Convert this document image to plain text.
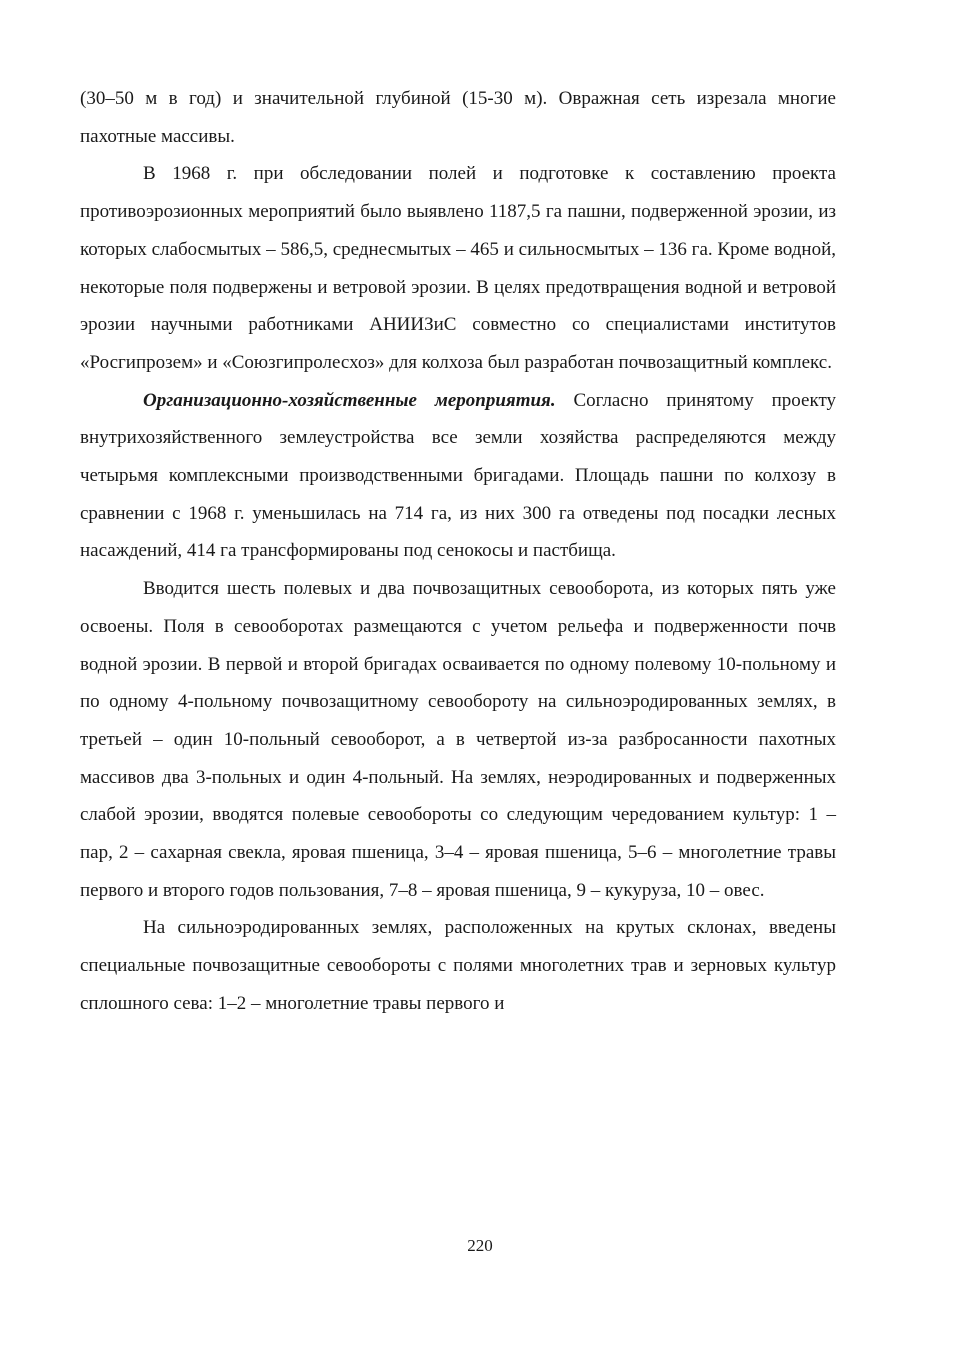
(30–50 м в год) и значительной глубиной (15-30 м). Овражная сеть изрезала многие пахотные массивы.

В 1968 г. при обследовании полей и подготовке к составлению проекта противоэрозионных мероприятий было выявлено 1187,5 га пашни, подверженной эрозии, из которых слабосмытых – 586,5, среднесмытых – 465 и сильносмытых – 136 га. Кроме водной, некоторые поля подвержены и ветровой эрозии. В целях предотвращения водной и ветровой эрозии научными работниками АНИИЗиС совместно со специалистами институтов «Росгипрозем» и «Союзгипролесхоз» для колхоза был разработан почвозащитный комплекс.

Организационно-хозяйственные мероприятия. Согласно принятому проекту внутрихозяйственного землеустройства все земли хозяйства распределяются между четырьмя комплексными производственными бригадами. Площадь пашни по колхозу в сравнении с 1968 г. уменьшилась на 714 га, из них 300 га отведены под посадки лесных насаждений, 414 га трансформированы под сенокосы и пастбища.

Вводится шесть полевых и два почвозащитных севооборота, из которых пять уже освоены. Поля в севооборотах размещаются с учетом рельефа и подверженности почв водной эрозии. В первой и второй бригадах осваивается по одному полевому 10-польному и по одному 4-польному почвозащитному севообороту на сильноэродированных землях, в третьей – один 10-польный севооборот, а в четвертой из-за разбросанности пахотных массивов два 3-польных и один 4-польный. На землях, неэродированных и подверженных слабой эрозии, вводятся полевые севообороты со следующим чередованием культур: 1 – пар, 2 – сахарная свекла, яровая пшеница, 3–4 – яровая пшеница, 5–6 – многолетние травы первого и второго годов пользования, 7–8 – яровая пшеница, 9 – кукуруза, 10 – овес.

На сильноэродированных землях, расположенных на крутых склонах, введены специальные почвозащитные севообороты с полями многолетних трав и зерновых культур сплошного сева: 1–2 – многолетние травы первого и

220
